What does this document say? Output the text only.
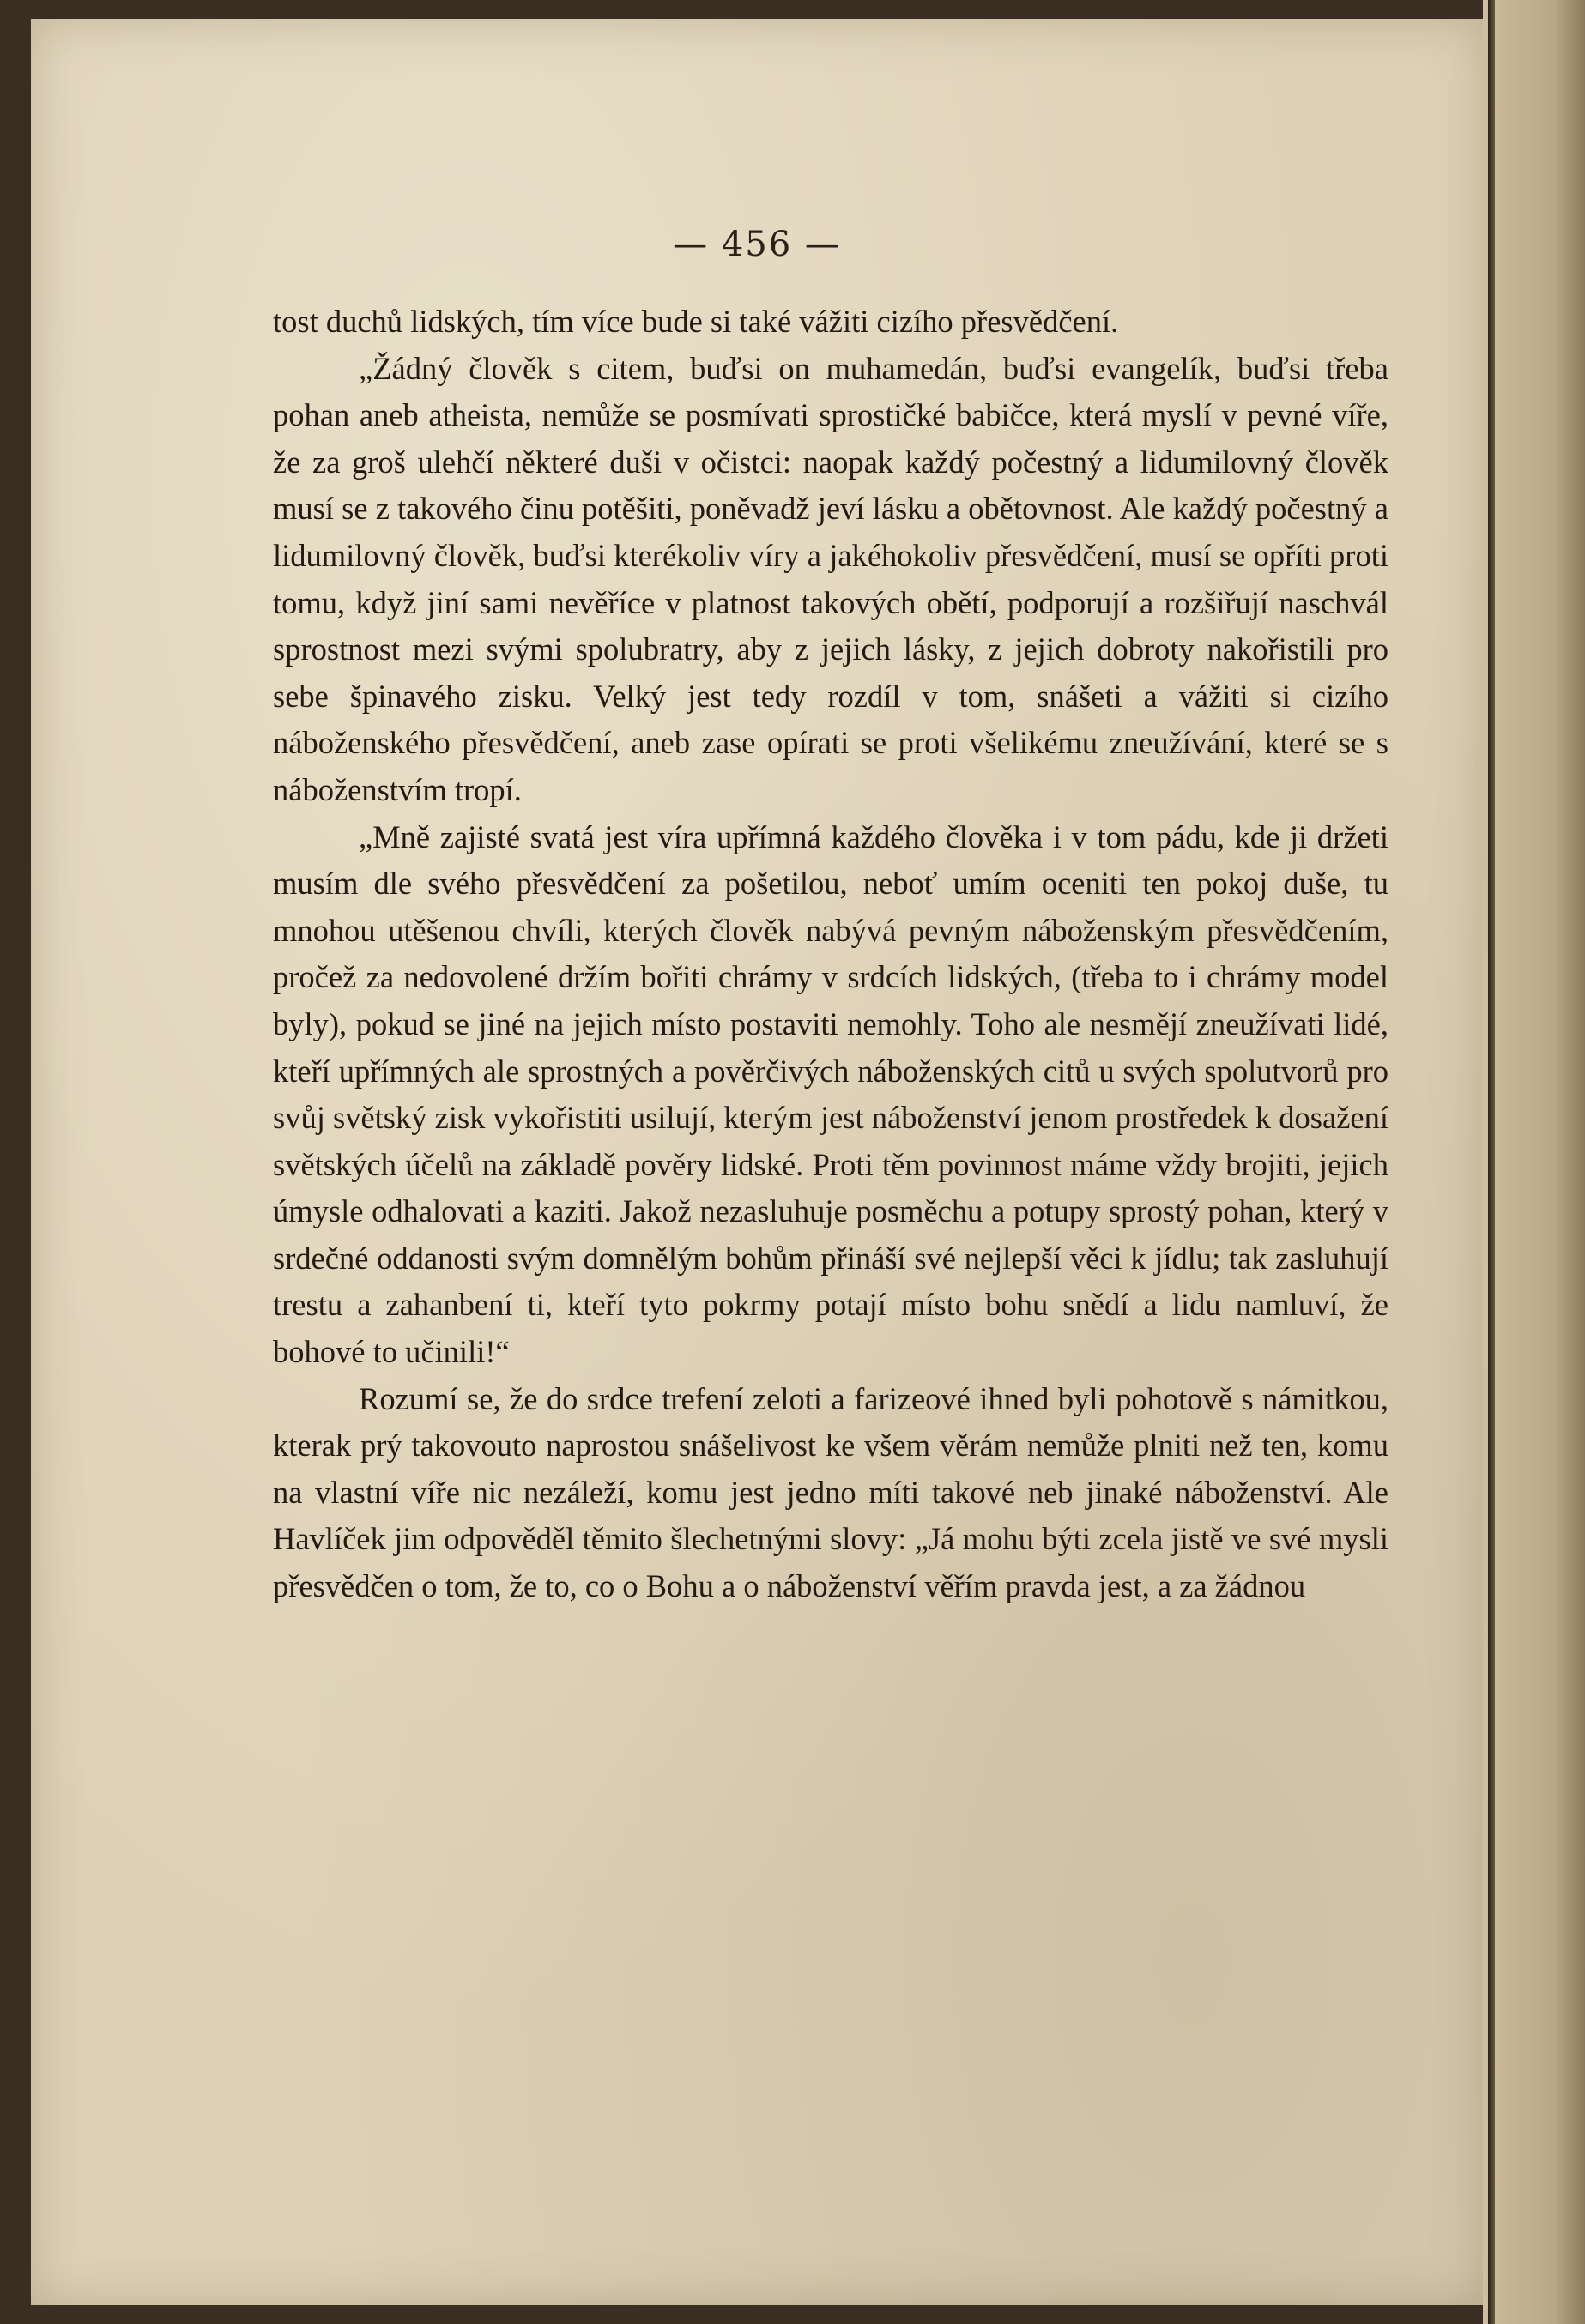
— 456 —

tost duchů lidských, tím více bude si také vážiti cizího přesvědčení.

„Žádný člověk s citem, buďsi on muhamedán, buďsi evangelík, buďsi třeba pohan aneb atheista, nemůže se posmívati sprostičké babičce, která myslí v pevné víře, že za groš ulehčí některé duši v očistci: naopak každý počestný a lidumilovný člověk musí se z takového činu potěšiti, poněvadž jeví lásku a obětovnost. Ale každý počestný a lidumilovný člověk, buďsi kterékoliv víry a jakéhokoliv přesvědčení, musí se opříti proti tomu, když jiní sami nevěříce v platnost takových obětí, podporují a rozšiřují naschvál sprostnost mezi svými spolubratry, aby z jejich lásky, z jejich dobroty nakořistili pro sebe špinavého zisku. Velký jest tedy rozdíl v tom, snášeti a vážiti si cizího náboženského přesvědčení, aneb zase opírati se proti všelikému zneužívání, které se s náboženstvím tropí.

„Mně zajisté svatá jest víra upřímná každého člověka i v tom pádu, kde ji držeti musím dle svého přesvědčení za pošetilou, neboť umím oceniti ten pokoj duše, tu mnohou utěšenou chvíli, kterých člověk nabývá pevným náboženským přesvědčením, pročež za nedovolené držím bořiti chrámy v srdcích lidských, (třeba to i chrámy model byly), pokud se jiné na jejich místo postaviti nemohly. Toho ale nesmějí zneužívati lidé, kteří upřímných ale sprostných a pověrčivých náboženských citů u svých spolutvorů pro svůj světský zisk vykořistiti usilují, kterým jest náboženství jenom prostředek k dosažení světských účelů na základě pověry lidské. Proti těm povinnost máme vždy brojiti, jejich úmysle odhalovati a kaziti. Jakož nezasluhuje posměchu a potupy sprostý pohan, který v srdečné oddanosti svým domnělým bohům přináší své nejlepší věci k jídlu; tak zasluhují trestu a zahanbení ti, kteří tyto pokrmy potají místo bohu snědí a lidu namluví, že bohové to učinili!“

Rozumí se, že do srdce trefení zeloti a farizeové ihned byli pohotově s námitkou, kterak prý takovouto naprostou snášelivost ke všem věrám nemůže plniti než ten, komu na vlastní víře nic nezáleží, komu jest jedno míti takové neb jinaké náboženství. Ale Havlíček jim odpověděl těmito šlechetnými slovy: „Já mohu býti zcela jistě ve své mysli přesvědčen o tom, že to, co o Bohu a o náboženství věřím pravda jest, a za žádnou
